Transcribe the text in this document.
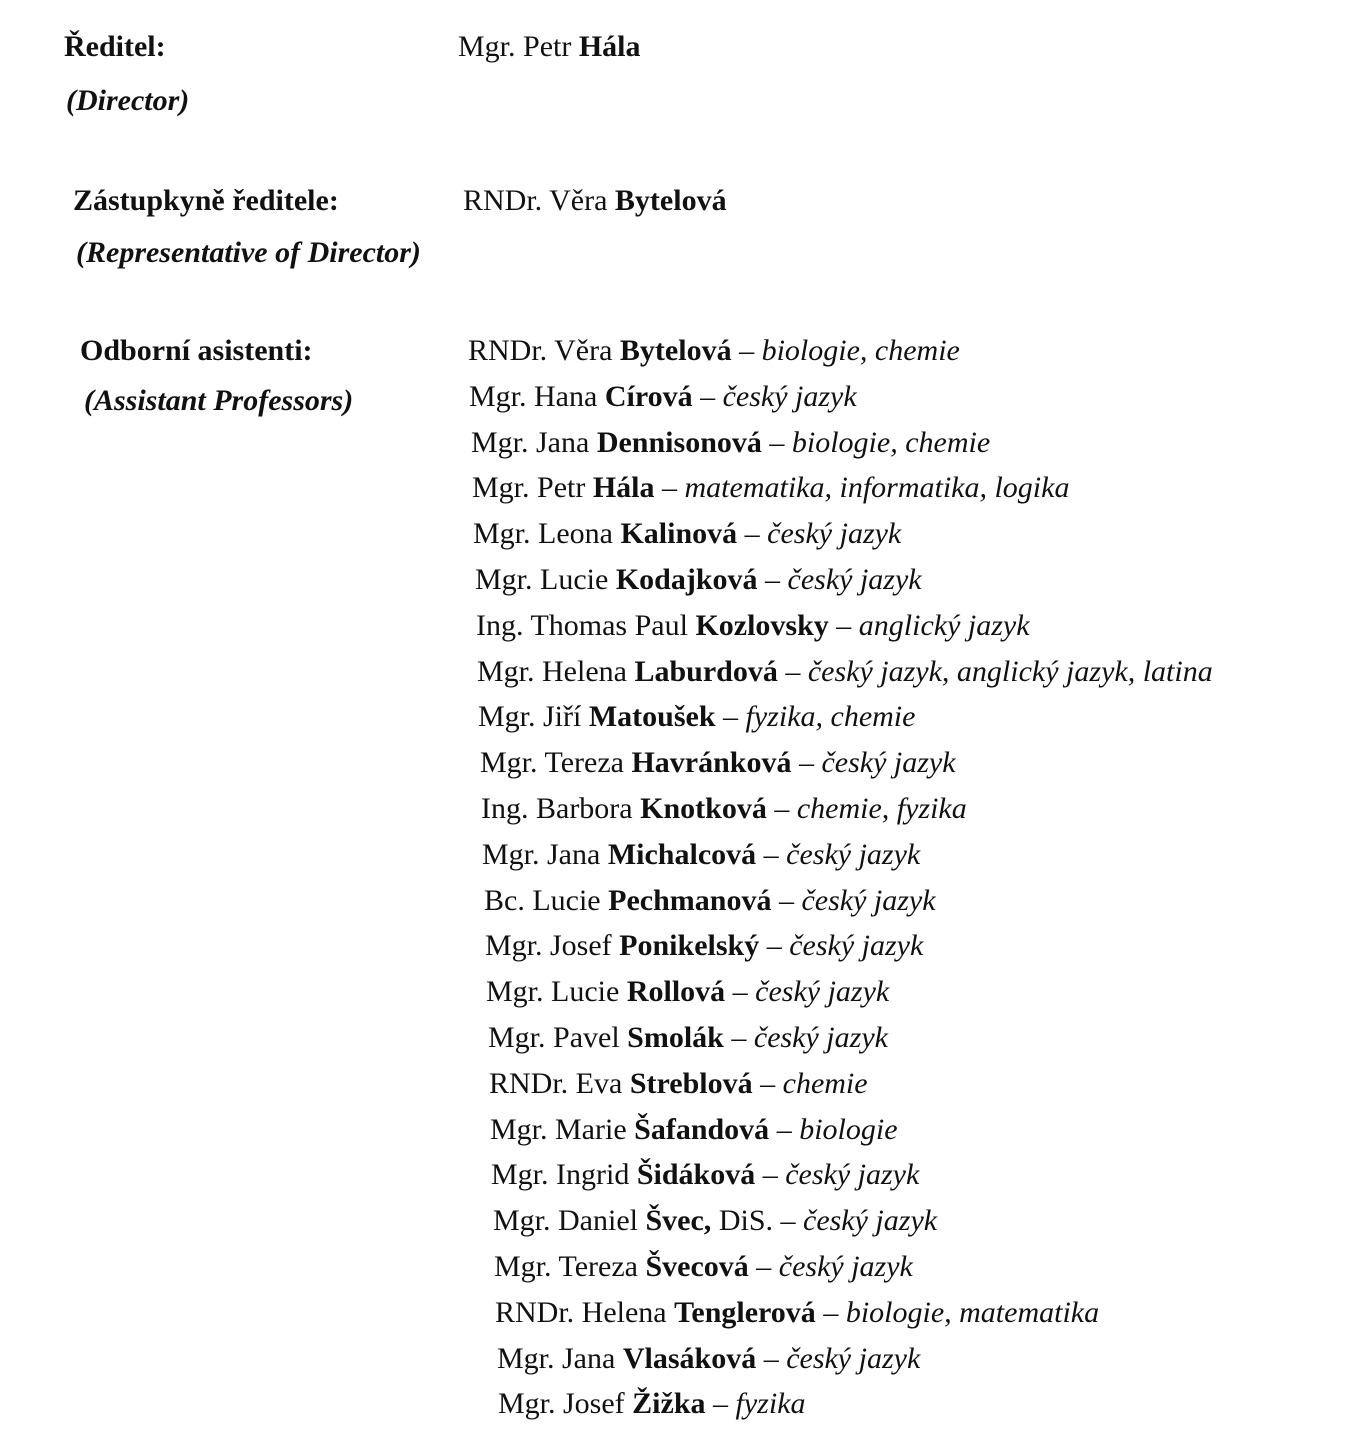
Ředitel:
(Director)
Mgr. Petr Hála
Zástupkyně ředitele:
(Representative of Director)
RNDr. Věra Bytelová
Odborní asistenti:
(Assistant Professors)
RNDr. Věra Bytelová – biologie, chemie
Mgr. Hana Círová – český jazyk
Mgr. Jana Dennisonová – biologie, chemie
Mgr. Petr Hála – matematika, informatika, logika
Mgr. Leona Kalinová – český jazyk
Mgr. Lucie Kodajková – český jazyk
Ing. Thomas Paul Kozlovsky – anglický jazyk
Mgr. Helena Laburdová – český jazyk, anglický jazyk, latina
Mgr. Jiří Matoušek – fyzika, chemie
Mgr. Tereza Havránková – český jazyk
Ing. Barbora Knotková – chemie, fyzika
Mgr. Jana Michalcová – český jazyk
Bc. Lucie Pechmanová – český jazyk
Mgr. Josef Ponikelský – český jazyk
Mgr. Lucie Rollová – český jazyk
Mgr. Pavel Smolák – český jazyk
RNDr. Eva Streblová – chemie
Mgr. Marie Šafandová – biologie
Mgr. Ingrid Šidáková – český jazyk
Mgr. Daniel Švec, DiS. – český jazyk
Mgr. Tereza Švecová – český jazyk
RNDr. Helena Tenglerová – biologie, matematika
Mgr. Jana Vlasáková – český jazyk
Mgr. Josef Žižka – fyzika
